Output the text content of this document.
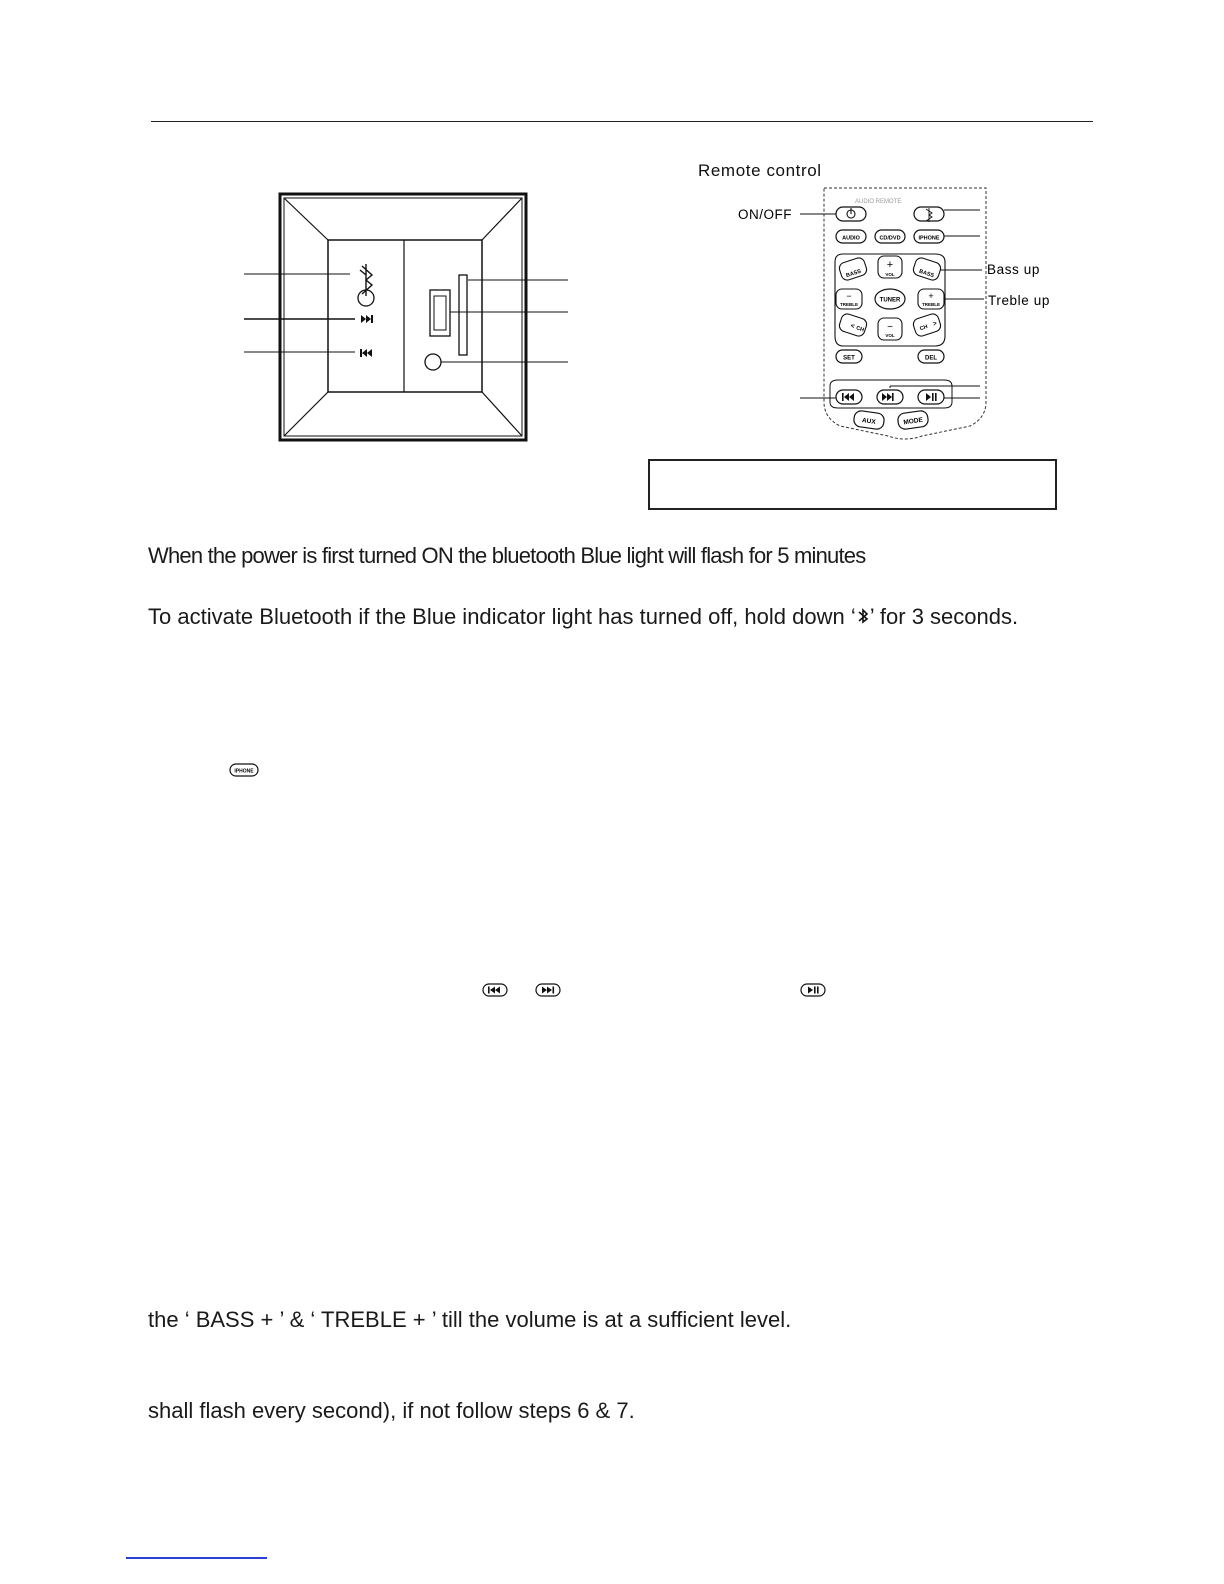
Remote control
AUDIO REMOTE
AUDIO	CD/DVD	IPHONE
BASS
+
VOL	BASS
−
TREBLE
TUNER	+
TREBLE
< CH −
VOL
CH
>
SET	DEL
AUX	MODE
ON/OFF
Bass up
Treble up
When the power is first turned ON the bluetooth Blue light will flash for 5 minutes
To activate Bluetooth if the Blue indicator light has turned off, hold down ‘ ’ for 3 seconds.
IPHONE
the ‘ BASS + ’ & ‘ TREBLE + ’ till the volume is at a sufficient level.
shall flash every second), if not follow steps 6 & 7.
